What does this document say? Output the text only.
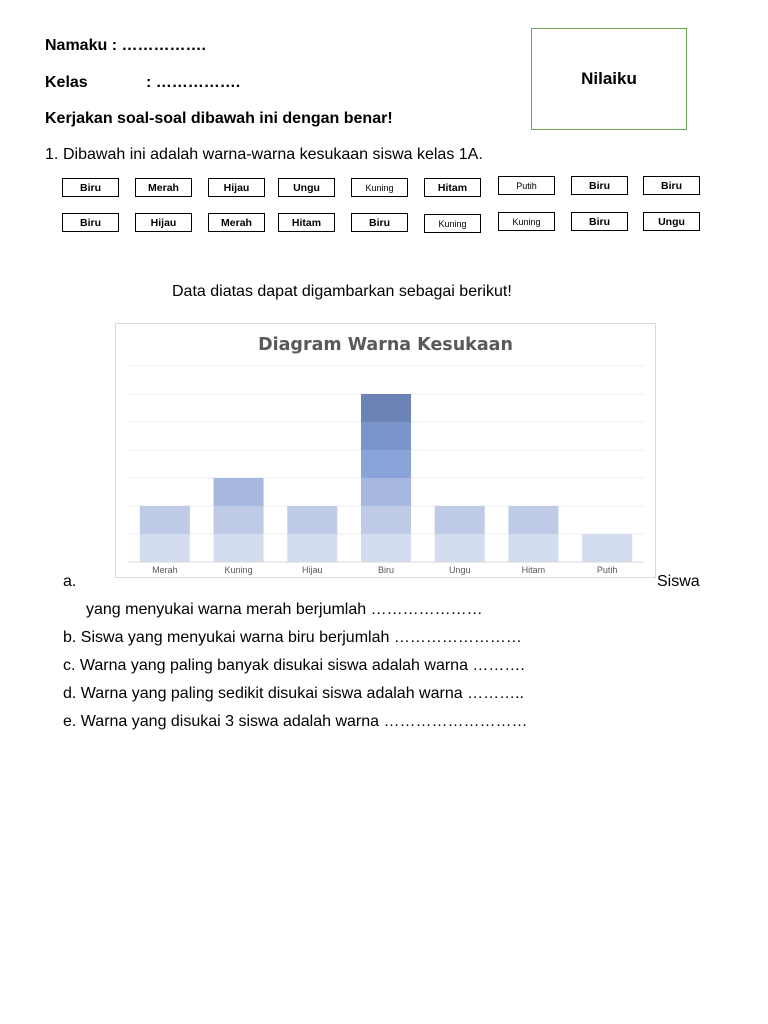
Namaku : …………….
Kelas	: …………….
Kerjakan soal-soal dibawah ini dengan benar!
Nilaiku
1. Dibawah ini adalah warna-warna kesukaan siswa kelas 1A.
Biru	Merah	Hijau	Ungu	Kuning	Hitam	Putih	Biru	Biru
Biru	Hijau	Merah	Hitam	Biru	Kuning	Kuning	Biru	Ungu
Data diatas dapat digambarkan sebagai berikut!
Diagram Warna Kesukaan
Merah	Kuning	Hijau	Biru	Ungu	Hitam	Putih
a.	Siswa
yang menyukai warna merah berjumlah …………………
b. Siswa yang menyukai warna biru berjumlah ……………………
c. Warna yang paling banyak disukai siswa adalah warna ……….
d. Warna yang paling sedikit disukai siswa adalah warna ………..
e. Warna yang disukai 3 siswa adalah warna ………………………
